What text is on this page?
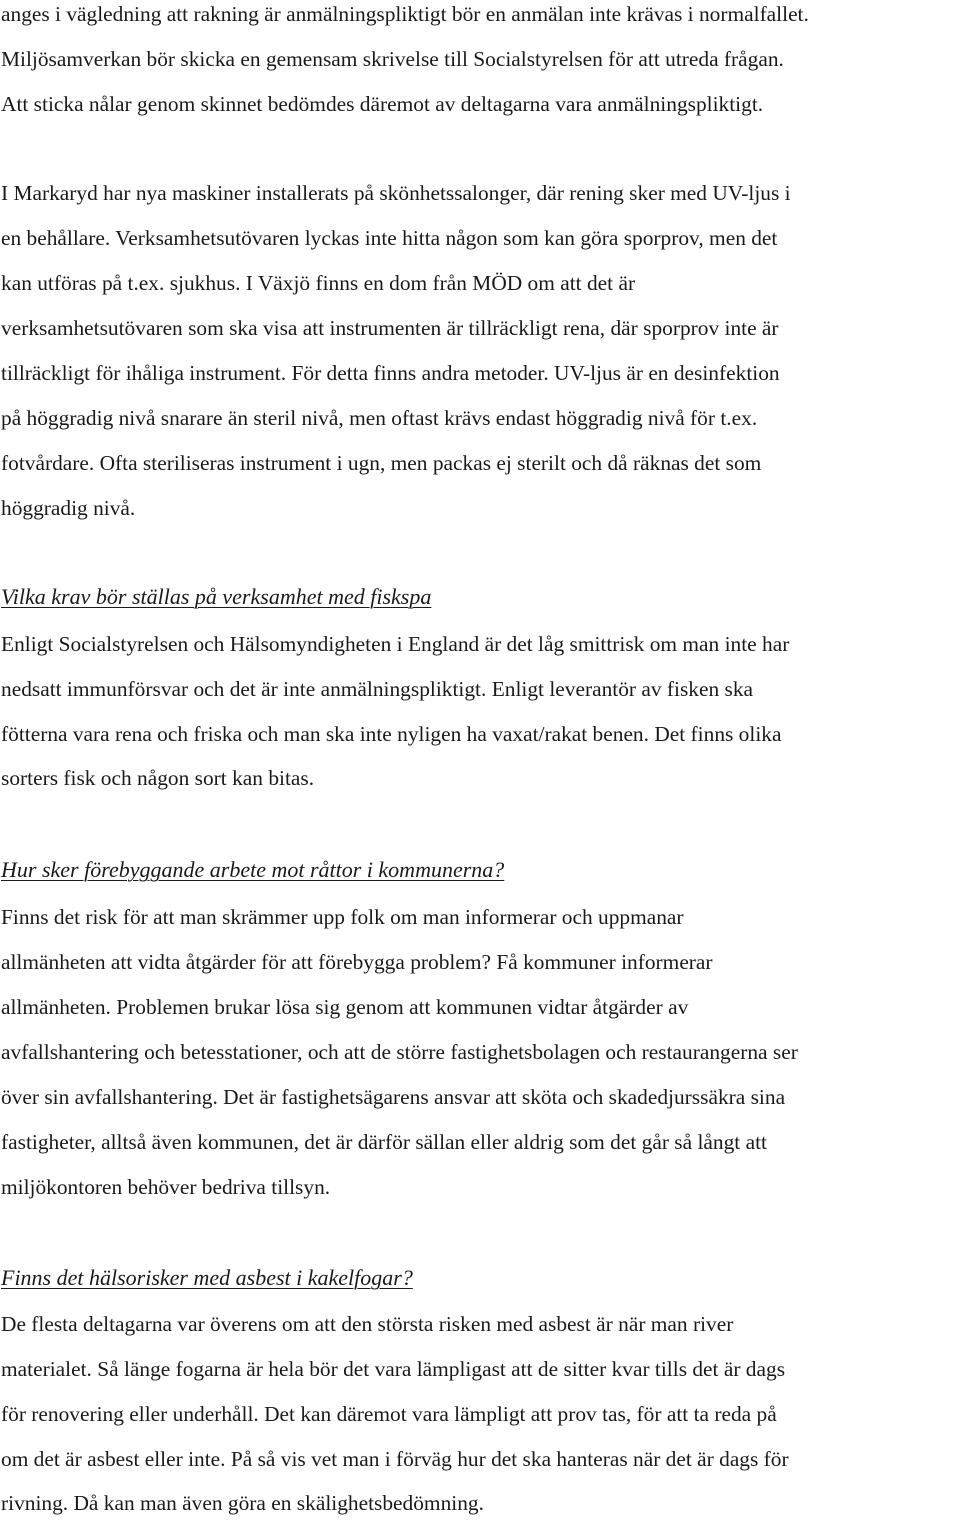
anges i vägledning att rakning är anmälningspliktigt bör en anmälan inte krävas i normalfallet.
Miljösamverkan bör skicka en gemensam skrivelse till Socialstyrelsen för att utreda frågan.
Att sticka nålar genom skinnet bedömdes däremot av deltagarna vara anmälningspliktigt.
I Markaryd har nya maskiner installerats på skönhetssalonger, där rening sker med UV-ljus i
en behållare. Verksamhetsutövaren lyckas inte hitta någon som kan göra sporprov, men det
kan utföras på t.ex. sjukhus. I Växjö finns en dom från MÖD om att det är
verksamhetsutövaren som ska visa att instrumenten är tillräckligt rena, där sporprov inte är
tillräckligt för ihåliga instrument. För detta finns andra metoder. UV-ljus är en desinfektion
på höggradig nivå snarare än steril nivå, men oftast krävs endast höggradig nivå för t.ex.
fotvårdare. Ofta steriliseras instrument i ugn, men packas ej sterilt och då räknas det som
höggradig nivå.
Vilka krav bör ställas på verksamhet med fiskspa
Enligt Socialstyrelsen och Hälsomyndigheten i England är det låg smittrisk om man inte har
nedsatt immunförsvar och det är inte anmälningspliktigt. Enligt leverantör av fisken ska
fötterna vara rena och friska och man ska inte nyligen ha vaxat/rakat benen. Det finns olika
sorters fisk och någon sort kan bitas.
Hur sker förebyggande arbete mot råttor i kommunerna?
Finns det risk för att man skrämmer upp folk om man informerar och uppmanar
allmänheten att vidta åtgärder för att förebygga problem? Få kommuner informerar
allmänheten. Problemen brukar lösa sig genom att kommunen vidtar åtgärder av
avfallshantering och betesstationer, och att de större fastighetsbolagen och restaurangerna ser
över sin avfallshantering. Det är fastighetsägarens ansvar att sköta och skadedjurssäkra sina
fastigheter, alltså även kommunen, det är därför sällan eller aldrig som det går så långt att
miljökontoren behöver bedriva tillsyn.
Finns det hälsorisker med asbest i kakelfogar?
De flesta deltagarna var överens om att den största risken med asbest är när man river
materialet. Så länge fogarna är hela bör det vara lämpligast att de sitter kvar tills det är dags
för renovering eller underhåll. Det kan däremot vara lämpligt att prov tas, för att ta reda på
om det är asbest eller inte. På så vis vet man i förväg hur det ska hanteras när det är dags för
rivning. Då kan man även göra en skälighetsbedömning.
